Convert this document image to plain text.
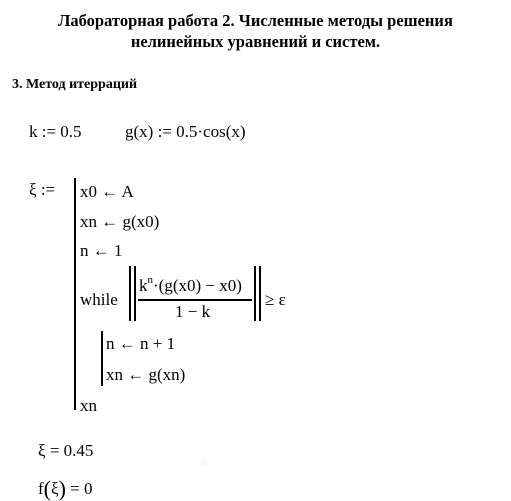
Лабораторная работа 2. Численные методы решения
нелинейных уравнений и систем.
3. Метод итерраций
k := 0.5	g(x) := 0.5·cos(x)
ξ := x0 ← A
xn ← g(x0)
n ← 1
while
$k^n\cdot(g(x0) - x0)$
1 − k
≥ ε
n ← n + 1
xn ← g(xn)
xn
ξ = 0.45
f(ξ) = 0
